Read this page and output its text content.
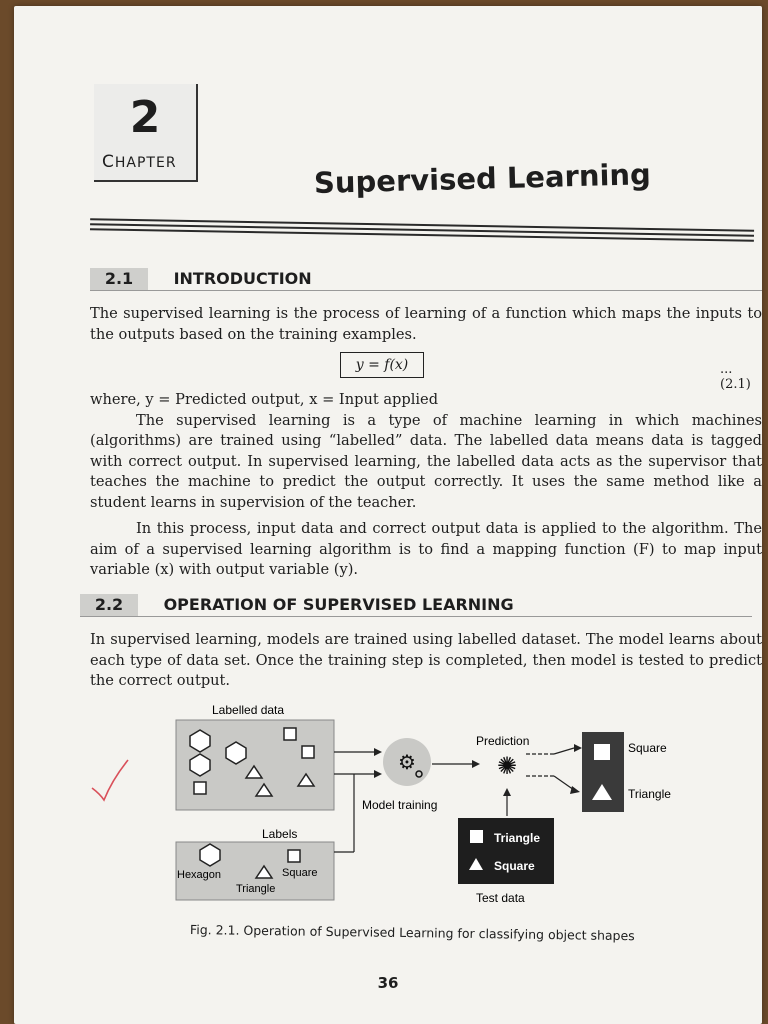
2
CHAPTER	Supervised Learning
2.1	INTRODUCTION

The supervised learning is the process of learning of a function which maps the inputs to the outputs based on the training examples.

y = f(x)	...(2.1)

where, y = Predicted output, x = Input applied

The supervised learning is a type of machine learning in which machines (algorithms) are trained using “labelled” data. The labelled data means data is tagged with correct output. In supervised learning, the labelled data acts as the supervisor that teaches the machine to predict the output correctly. It uses the same method like a student learns in supervision of the teacher.

In this process, input data and correct output data is applied to the algorithm. The aim of a supervised learning algorithm is to find a mapping function (F) to map input variable (x) with output variable (y).

2.2	OPERATION OF SUPERVISED LEARNING

In supervised learning, models are trained using labelled dataset. The model learns about each type of data set. Once the training step is completed, then model is tested to predict the correct output.

Labelled data
Labels
Hexagon	Square
Triangle
⚙
Model training
Prediction
✺
Square
Triangle
Triangle
Square
Test data
Fig. 2.1. Operation of Supervised Learning for classifying object shapes
36
